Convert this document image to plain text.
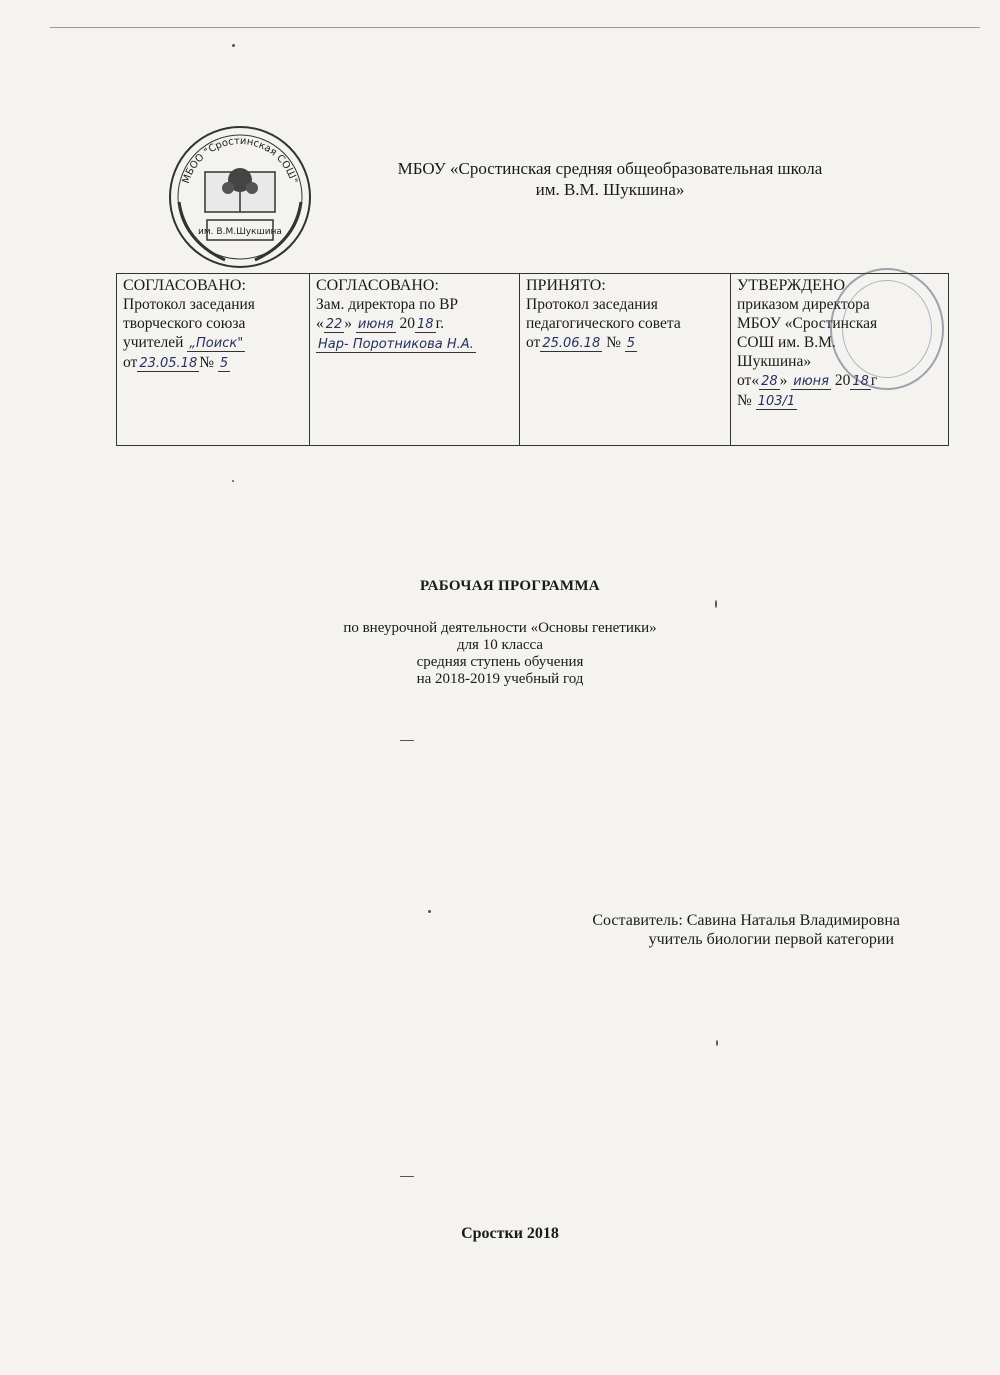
МБОО "Сростинская СОШ"
им. В.М.Шукшина
МБОУ «Сростинская средняя общеобразовательная школа
им. В.М. Шукшина»
СОГЛАСОВАНО:
Протокол заседания
творческого союза
учителей „Поиск"
от 23.05.18 № 5

СОГЛАСОВАНО:
Зам. директора по ВР
« 22 » июня 20 18 г.
Нар- Поротникова Н.А.

ПРИНЯТО:
Протокол заседания
педагогического совета
от 25.06.18 № 5

УТВЕРЖДЕНО
приказом директора
МБОУ «Сростинская
СОШ им. В.М.
Шукшина»
от« 28 » июня 20 18 г
№ 103/1
РАБОЧАЯ ПРОГРАММА
по внеурочной деятельности «Основы генетики»
для 10 класса
средняя ступень обучения
на 2018-2019 учебный год
Составитель: Савина Наталья Владимировна
учитель биологии первой категории
Сростки 2018
